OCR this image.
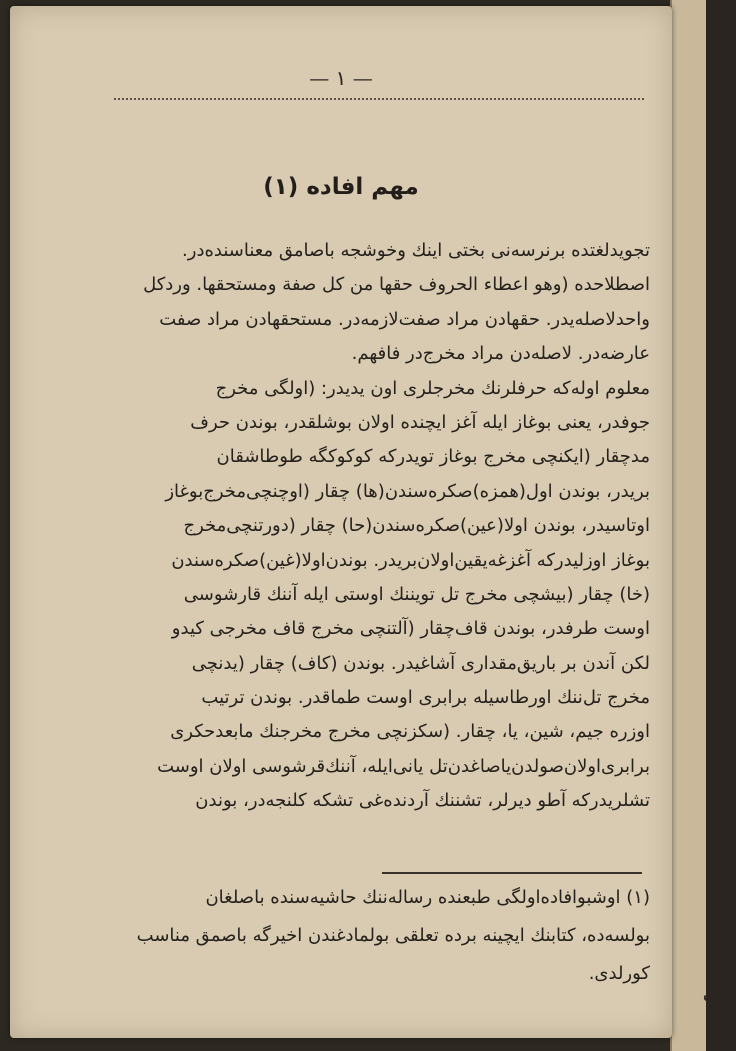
ور
یو
قو
لر
قا
بو
ع
ج
ح
ر
لا
سی
— ١ —
مهم افاده (١)
تجویدلغتده برنرسه‌نی بختی اینك وخوشجه باصامق معناسنده‌در.
اصطلاحده (وهو اعطاء الحروف حقها من كل صفة ومستحقها. وردكل
واحدلاصله‌یدر. حقهادن مراد صفت‌لازمه‌در. مستحقهادن مراد صفت
عارضه‌در. لاصله‌دن مراد مخرج‌در فافهم.
معلوم اوله‌كه حرفلرنك مخرجلری اون یدیدر: (اولگی مخرج
جوفدر، یعنی بوغاز ایله آغز ایچنده اولان بوشلقدر، بوندن حرف
مدچقار (ایكنچی مخرج بوغاز تویدركه كوكوكگه طوطاشقان
بریدر، بوندن اول(همزه)صكره‌سندن(ها) چقار (اوچنچی‌مخرج‌بوغاز
اوتاسیدر، بوندن اولا(عین)صكره‌سندن(حا) چقار (دورتنچی‌مخرج
بوغاز اوزلیدركه آغزغه‌یقین‌اولان‌بریدر. بوندن‌اولا(غین)صكره‌سندن
(خا) چقار (بیشچی مخرج تل تویننك اوستی ایله آننك قارشوسی
اوست طرفدر، بوندن قاف‌چقار (آلتنچی مخرج قاف مخرجی كیدو
لكن آندن بر باریق‌مقداری آشاغیدر. بوندن (كاف) چقار (یدنچی
مخرج تل‌ننك اورطاسیله برابری اوست طماقدر. بوندن ترتیب
اوزره جیم، شین، یا، چقار. (سكزنچی مخرج مخرجنك مابعدحكری
برابری‌اولان‌صولدن‌یاصاغدن‌تل یانی‌ایله، آننك‌قرشوسی اولان اوست
تشلریدركه آطو دیرلر، تشننك آردنده‌غی تشكه كلنجه‌در، بوندن
(١) اوشبوافاده‌اولگی طبعنده رساله‌ننك حاشیه‌سنده باصلغان
بولسه‌ده، كتابنك ایچینه برده تعلقی بولمادغندن اخیرگه باصمق مناسب
كورلدی.
